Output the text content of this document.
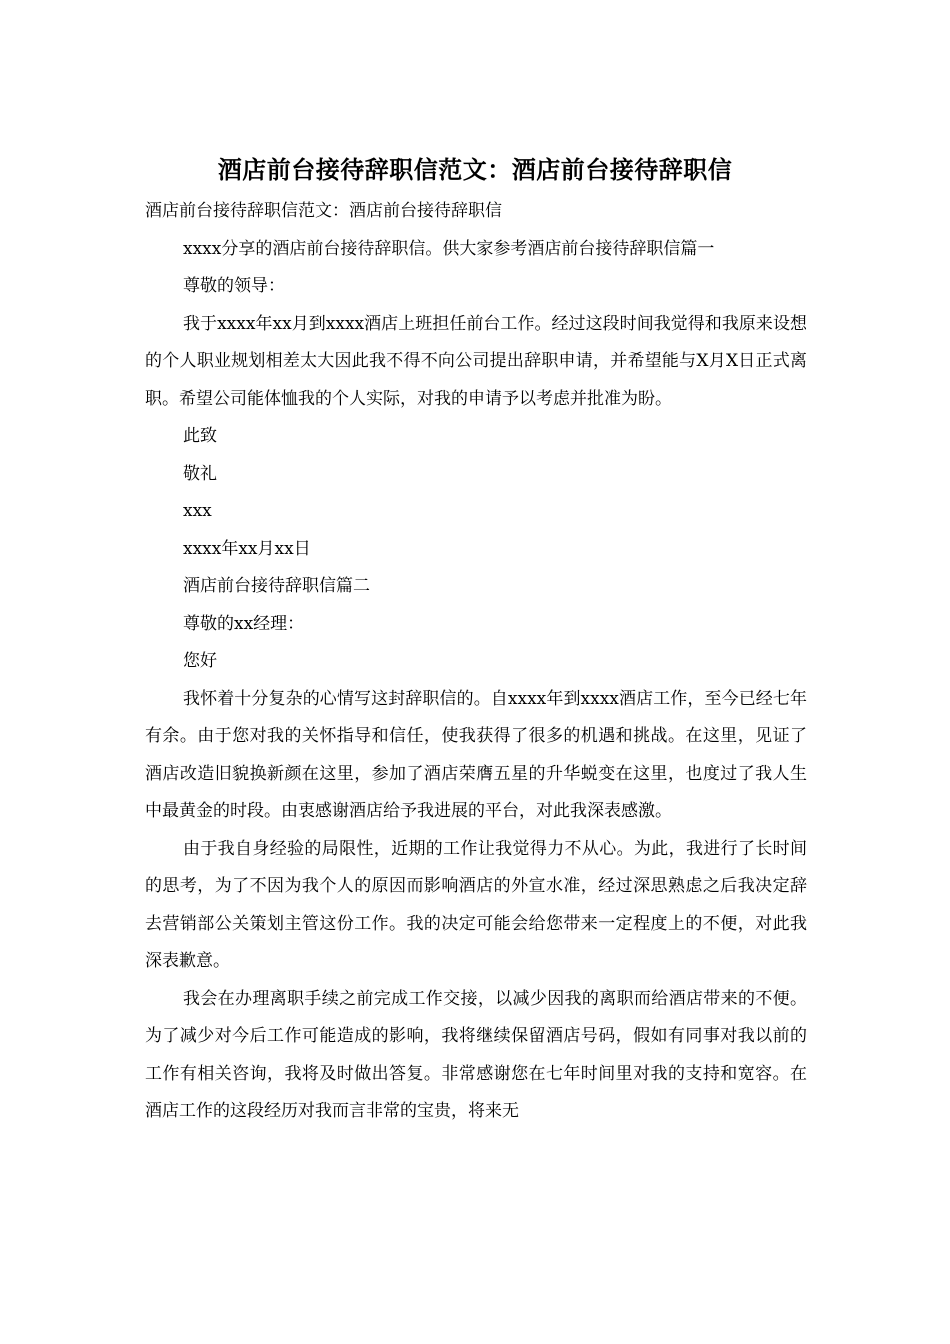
酒店前台接待辞职信范文：酒店前台接待辞职信

酒店前台接待辞职信范文：酒店前台接待辞职信

xxxx分享的酒店前台接待辞职信。供大家参考酒店前台接待辞职信篇一

尊敬的领导：

我于xxxx年xx月到xxxx酒店上班担任前台工作。经过这段时间我觉得和我原来设想的个人职业规划相差太大因此我不得不向公司提出辞职申请，并希望能与X月X日正式离职。希望公司能体恤我的个人实际，对我的申请予以考虑并批准为盼。

此致

敬礼

xxx

xxxx年xx月xx日

酒店前台接待辞职信篇二

尊敬的xx经理：

您好

我怀着十分复杂的心情写这封辞职信的。自xxxx年到xxxx酒店工作，至今已经七年有余。由于您对我的关怀指导和信任，使我获得了很多的机遇和挑战。在这里，见证了酒店改造旧貌换新颜在这里，参加了酒店荣膺五星的升华蜕变在这里，也度过了我人生中最黄金的时段。由衷感谢酒店给予我进展的平台，对此我深表感激。

由于我自身经验的局限性，近期的工作让我觉得力不从心。为此，我进行了长时间的思考，为了不因为我个人的原因而影响酒店的外宣水准，经过深思熟虑之后我决定辞去营销部公关策划主管这份工作。我的决定可能会给您带来一定程度上的不便，对此我深表歉意。

我会在办理离职手续之前完成工作交接，以减少因我的离职而给酒店带来的不便。为了减少对今后工作可能造成的影响，我将继续保留酒店号码，假如有同事对我以前的工作有相关咨询，我将及时做出答复。非常感谢您在七年时间里对我的支持和宽容。在酒店工作的这段经历对我而言非常的宝贵，将来无
